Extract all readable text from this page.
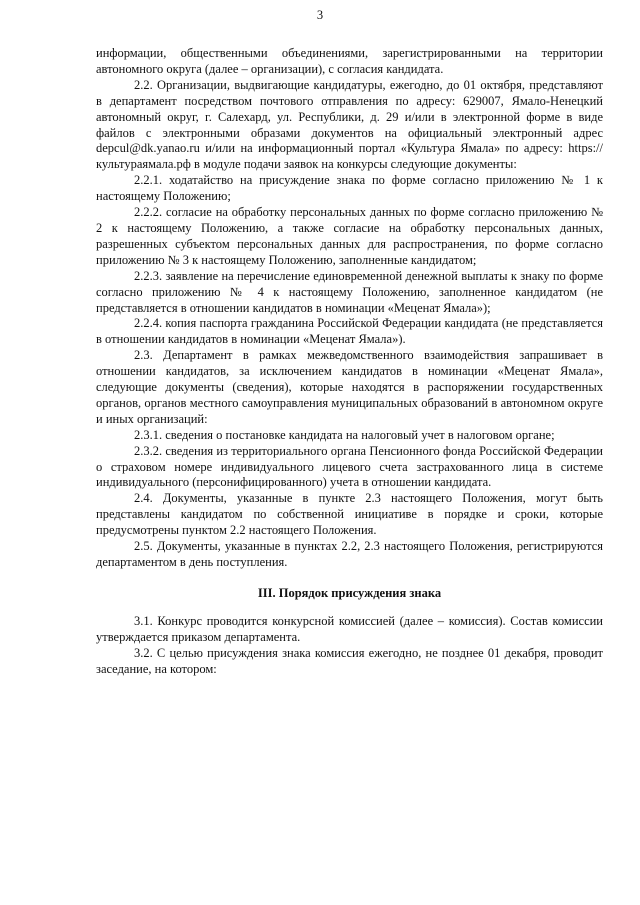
3

информации, общественными объединениями, зарегистрированными на территории автономного округа (далее – организации), с согласия кандидата.

2.2. Организации, выдвигающие кандидатуры, ежегодно, до 01 октября, представляют в департамент посредством почтового отправления по адресу: 629007, Ямало-Ненецкий автономный округ, г. Салехард, ул. Республики, д. 29 и/или в электронной форме в виде файлов с электронными образами документов на официальный электронный адрес depcul@dk.yanao.ru и/или на информационный портал «Культура Ямала» по адресу: https://культураямала.рф в модуле подачи заявок на конкурсы следующие документы:

2.2.1. ходатайство на присуждение знака по форме согласно приложению № 1 к настоящему Положению;

2.2.2. согласие на обработку персональных данных по форме согласно приложению № 2 к настоящему Положению, а также согласие на обработку персональных данных, разрешенных субъектом персональных данных для распространения, по форме согласно приложению № 3 к настоящему Положению, заполненные кандидатом;

2.2.3. заявление на перечисление единовременной денежной выплаты к знаку по форме согласно приложению № 4 к настоящему Положению, заполненное кандидатом (не представляется в отношении кандидатов в номинации «Меценат Ямала»);

2.2.4. копия паспорта гражданина Российской Федерации кандидата (не представляется в отношении кандидатов в номинации «Меценат Ямала»).

2.3. Департамент в рамках межведомственного взаимодействия запрашивает в отношении кандидатов, за исключением кандидатов в номинации «Меценат Ямала», следующие документы (сведения), которые находятся в распоряжении государственных органов, органов местного самоуправления муниципальных образований в автономном округе и иных организаций:

2.3.1. сведения о постановке кандидата на налоговый учет в налоговом органе;

2.3.2. сведения из территориального органа Пенсионного фонда Российской Федерации о страховом номере индивидуального лицевого счета застрахованного лица в системе индивидуального (персонифицированного) учета в отношении кандидата.

2.4. Документы, указанные в пункте 2.3 настоящего Положения, могут быть представлены кандидатом по собственной инициативе в порядке и сроки, которые предусмотрены пунктом 2.2 настоящего Положения.

2.5. Документы, указанные в пунктах 2.2, 2.3 настоящего Положения, регистрируются департаментом в день поступления.

III. Порядок присуждения знака

3.1. Конкурс проводится конкурсной комиссией (далее – комиссия). Состав комиссии утверждается приказом департамента.

3.2. С целью присуждения знака комиссия ежегодно, не позднее 01 декабря, проводит заседание, на котором:
